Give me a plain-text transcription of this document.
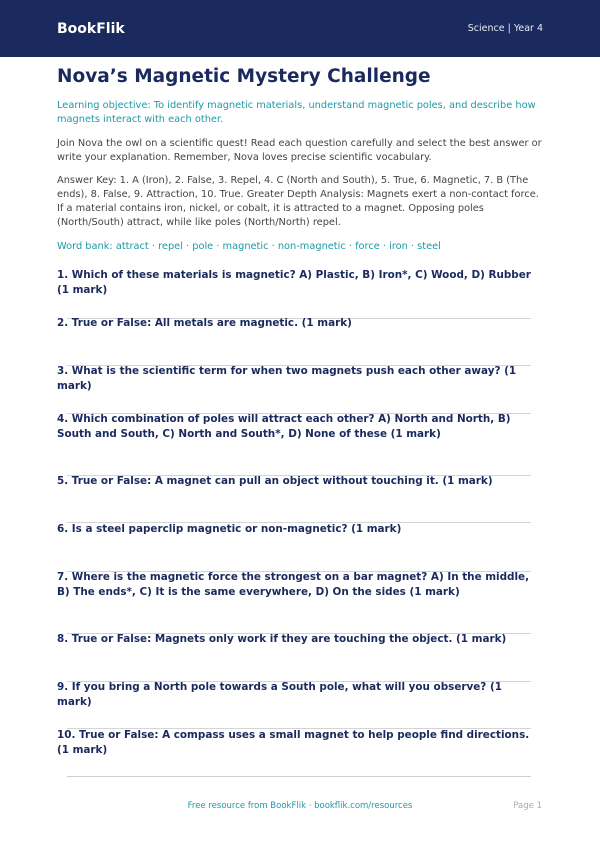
BookFlik	Science | Year 4
Nova’s Magnetic Mystery Challenge
Learning objective: To identify magnetic materials, understand magnetic poles, and describe how magnets interact with each other.
Join Nova the owl on a scientific quest! Read each question carefully and select the best answer or write your explanation. Remember, Nova loves precise scientific vocabulary.
Answer Key: 1. A (Iron), 2. False, 3. Repel, 4. C (North and South), 5. True, 6. Magnetic, 7. B (The ends), 8. False, 9. Attraction, 10. True. Greater Depth Analysis: Magnets exert a non-contact force. If a material contains iron, nickel, or cobalt, it is attracted to a magnet. Opposing poles (North/South) attract, while like poles (North/North) repel.
Word bank: attract · repel · pole · magnetic · non-magnetic · force · iron · steel
1. Which of these materials is magnetic? A) Plastic, B) Iron*, C) Wood, D) Rubber (1 mark)
2. True or False: All metals are magnetic. (1 mark)
3. What is the scientific term for when two magnets push each other away? (1 mark)
4. Which combination of poles will attract each other? A) North and North, B) South and South, C) North and South*, D) None of these (1 mark)
5. True or False: A magnet can pull an object without touching it. (1 mark)
6. Is a steel paperclip magnetic or non-magnetic? (1 mark)
7. Where is the magnetic force the strongest on a bar magnet? A) In the middle, B) The ends*, C) It is the same everywhere, D) On the sides (1 mark)
8. True or False: Magnets only work if they are touching the object. (1 mark)
9. If you bring a North pole towards a South pole, what will you observe? (1 mark)
10. True or False: A compass uses a small magnet to help people find directions. (1 mark)
Free resource from BookFlik · bookflik.com/resources	Page 1
